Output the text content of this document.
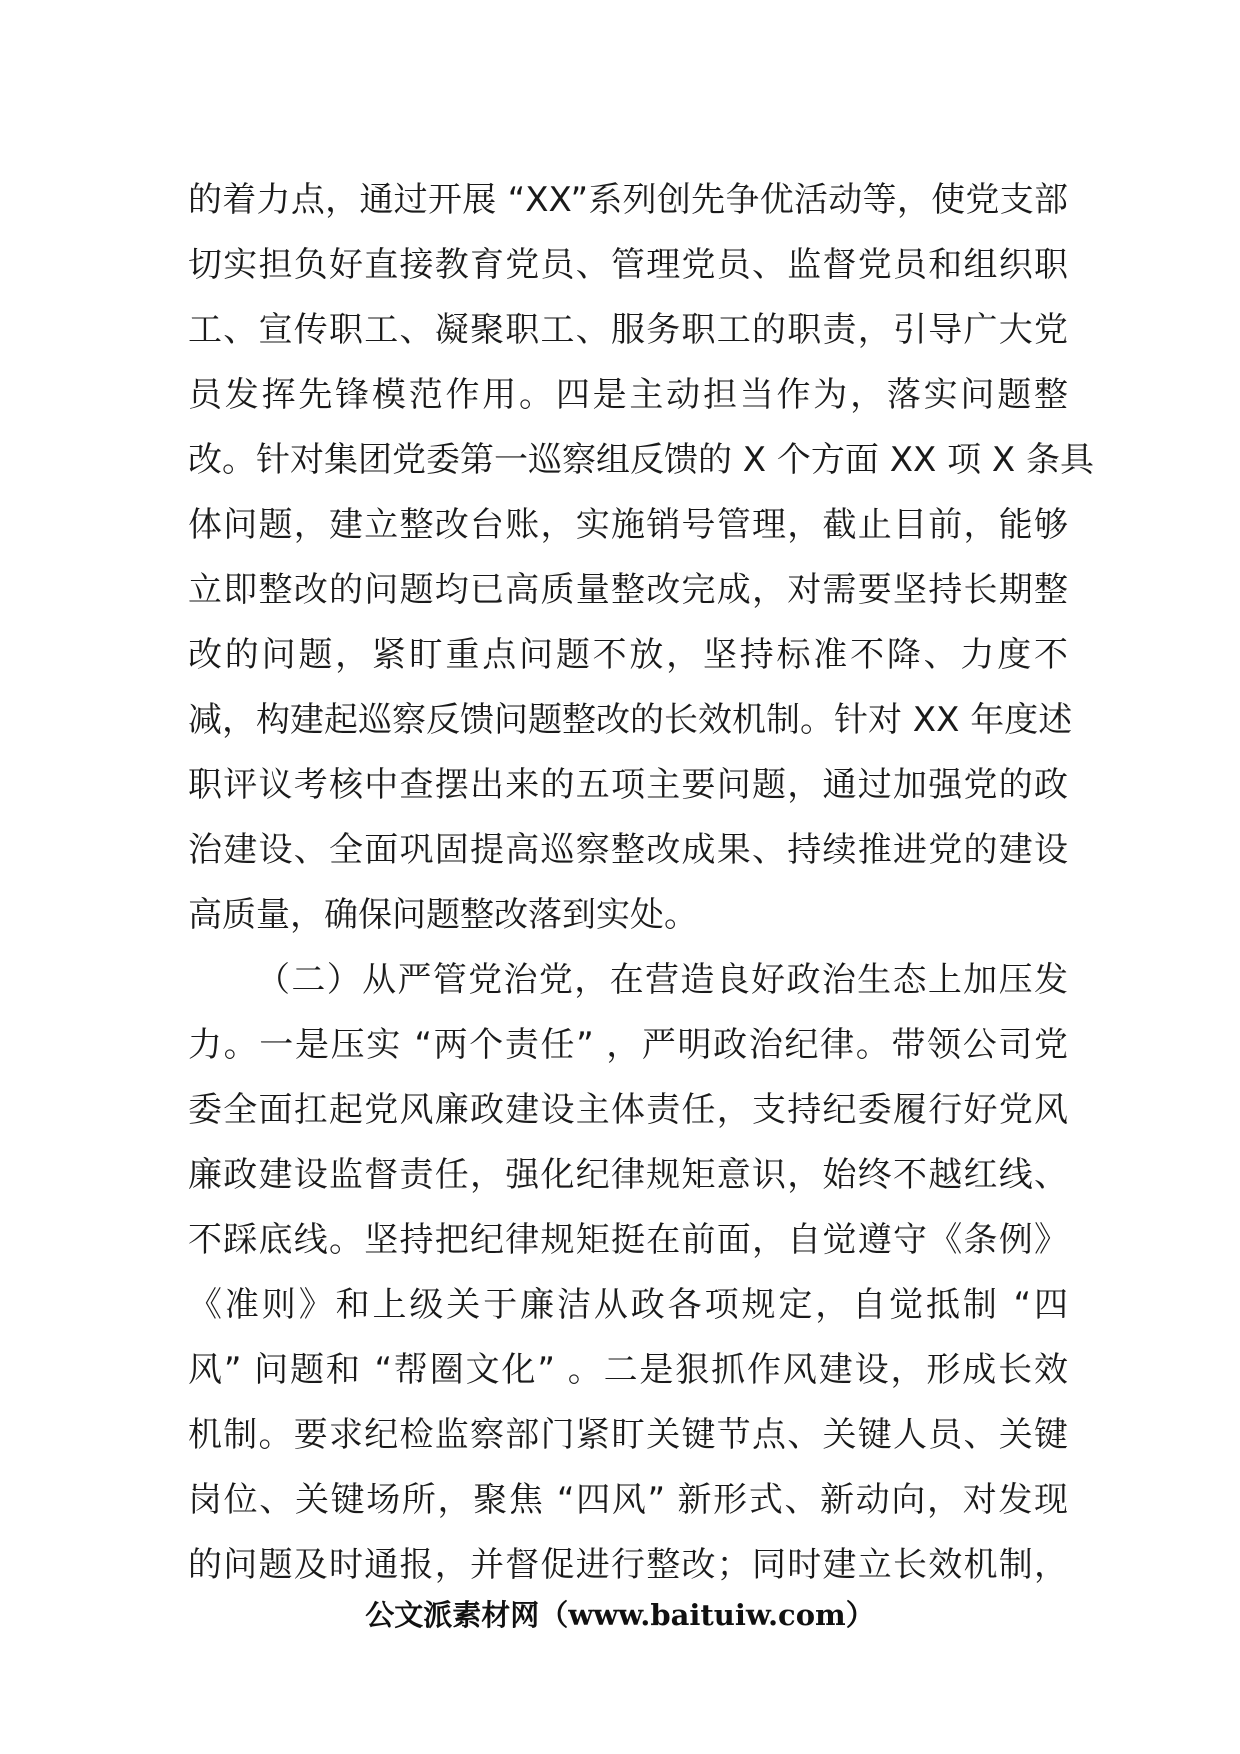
的着力点，通过开展 “XX”系列创先争优活动等，使党支部
切实担负好直接教育党员、管理党员、监督党员和组织职
工、宣传职工、凝聚职工、服务职工的职责，引导广大党
员发挥先锋模范作用。四是主动担当作为，落实问题整
改。针对集团党委第一巡察组反馈的 X 个方面 XX 项 X 条具
体问题，建立整改台账，实施销号管理，截止目前，能够
立即整改的问题均已高质量整改完成，对需要坚持长期整
改的问题，紧盯重点问题不放，坚持标准不降、力度不
减，构建起巡察反馈问题整改的长效机制。针对 XX 年度述
职评议考核中查摆出来的五项主要问题，通过加强党的政
治建设、全面巩固提高巡察整改成果、持续推进党的建设
高质量，确保问题整改落到实处。
（二）从严管党治党，在营造良好政治生态上加压发
力。一是压实 “两个责任” ，严明政治纪律。带领公司党
委全面扛起党风廉政建设主体责任，支持纪委履行好党风
廉政建设监督责任，强化纪律规矩意识，始终不越红线、
不踩底线。坚持把纪律规矩挺在前面，自觉遵守《条例》
《准则》和上级关于廉洁从政各项规定，自觉抵制 “四
风” 问题和 “帮圈文化” 。二是狠抓作风建设，形成长效
机制。要求纪检监察部门紧盯关键节点、关键人员、关键
岗位、关键场所，聚焦 “四风” 新形式、新动向，对发现
的问题及时通报，并督促进行整改；同时建立长效机制，
公文派素材网（www.baituiw.com）
